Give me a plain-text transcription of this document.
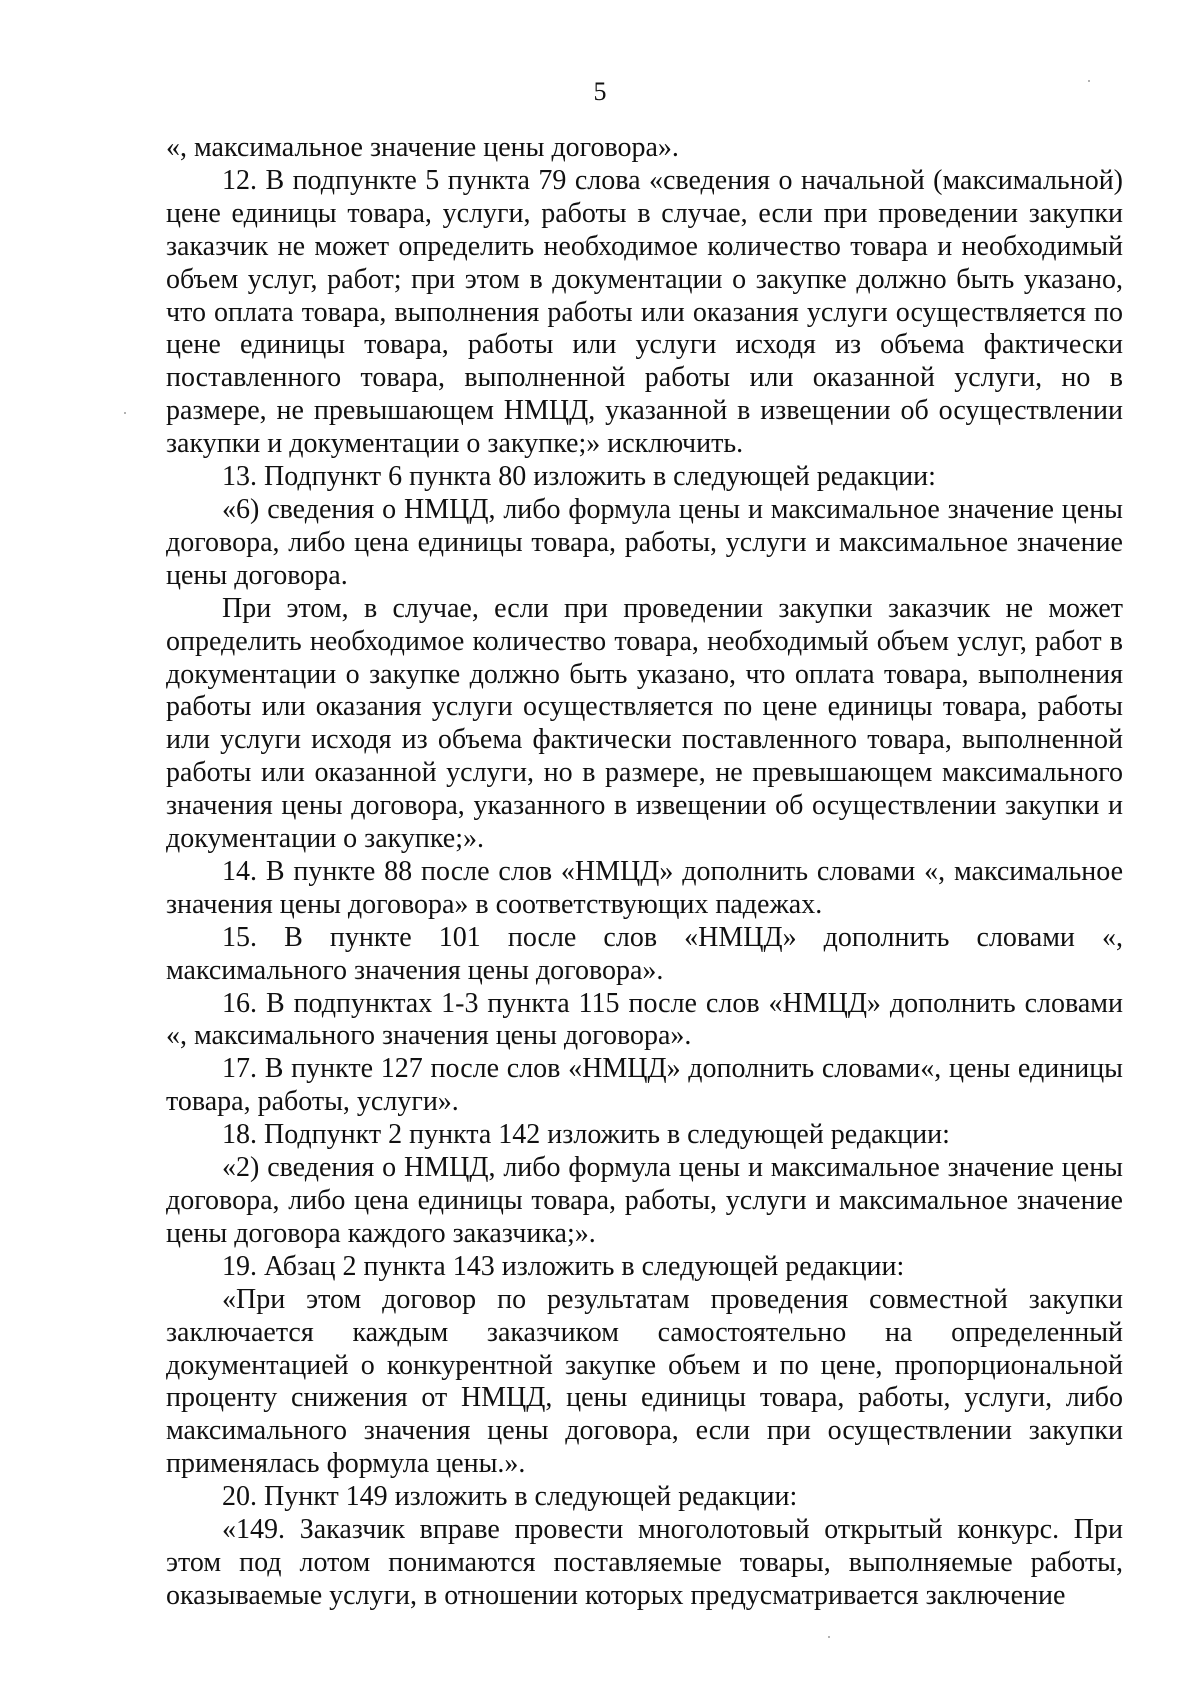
5

«, максимальное значение цены договора».

12. В подпункте 5 пункта 79 слова «сведения о начальной (максимальной) цене единицы товара, услуги, работы в случае, если при проведении закупки заказчик не может определить необходимое количество товара и необходимый объем услуг, работ; при этом в документации о закупке должно быть указано, что оплата товара, выполнения работы или оказания услуги осуществляется по цене единицы товара, работы или услуги исходя из объема фактически поставленного товара, выполненной работы или оказанной услуги, но в размере, не превышающем НМЦД, указанной в извещении об осуществлении закупки и документации о закупке;» исключить.

13. Подпункт 6 пункта 80 изложить в следующей редакции:

«6) сведения о НМЦД, либо формула цены и максимальное значение цены договора, либо цена единицы товара, работы, услуги и максимальное значение цены договора.

При этом, в случае, если при проведении закупки заказчик не может определить необходимое количество товара, необходимый объем услуг, работ в документации о закупке должно быть указано, что оплата товара, выполнения работы или оказания услуги осуществляется по цене единицы товара, работы или услуги исходя из объема фактически поставленного товара, выполненной работы или оказанной услуги, но в размере, не превышающем максимального значения цены договора, указанного в извещении об осуществлении закупки и документации о закупке;».

14. В пункте 88 после слов «НМЦД» дополнить словами «, максимальное значения цены договора» в соответствующих падежах.

15. В пункте 101 после слов «НМЦД» дополнить словами «, максимального значения цены договора».

16. В подпунктах 1-3 пункта 115 после слов «НМЦД» дополнить словами «, максимального значения цены договора».

17. В пункте 127 после слов «НМЦД» дополнить словами«, цены единицы товара, работы, услуги».

18. Подпункт 2 пункта 142 изложить в следующей редакции:

«2) сведения о НМЦД, либо формула цены и максимальное значение цены договора, либо цена единицы товара, работы, услуги и максимальное значение цены договора каждого заказчика;».

19. Абзац 2 пункта 143 изложить в следующей редакции:

«При этом договор по результатам проведения совместной закупки заключается каждым заказчиком самостоятельно на определенный документацией о конкурентной закупке объем и по цене, пропорциональной проценту снижения от НМЦД, цены единицы товара, работы, услуги, либо максимального значения цены договора, если при осуществлении закупки применялась формула цены.».

20. Пункт 149 изложить в следующей редакции:

«149. Заказчик вправе провести многолотовый открытый конкурс. При этом под лотом понимаются поставляемые товары, выполняемые работы, оказываемые услуги, в отношении которых предусматривается заключение
